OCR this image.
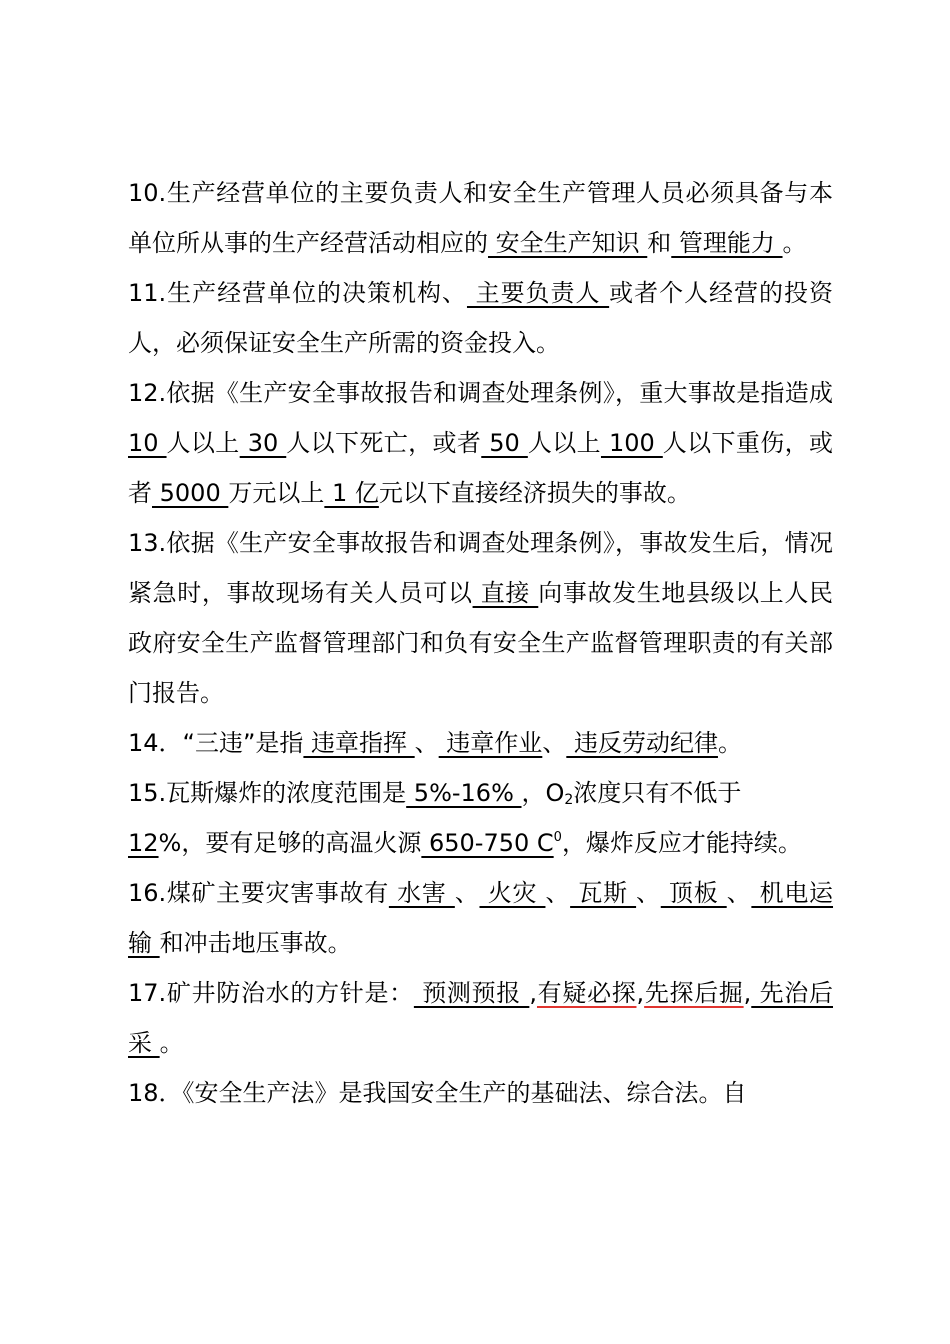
10.生产经营单位的主要负责人和安全生产管理人员必须具备与本单位所从事的生产经营活动相应的 安全生产知识 和 管理能力 。

11.生产经营单位的决策机构、 主要负责人 或者个人经营的投资人，必须保证安全生产所需的资金投入。

12.依据《生产安全事故报告和调查处理条例》，重大事故是指造成 10 人以上 30 人以下死亡，或者 50 人以上 100 人以下重伤，或者 5000 万元以上 1 亿元以下直接经济损失的事故。

13.依据《生产安全事故报告和调查处理条例》，事故发生后，情况紧急时，事故现场有关人员可以 直接 向事故发生地县级以上人民政府安全生产监督管理部门和负有安全生产监督管理职责的有关部门报告。

14．“三违”是指 违章指挥 、 违章作业、 违反劳动纪律。

15.瓦斯爆炸的浓度范围是 5%-16% ，$O_2$浓度只有不低于
12%，要有足够的高温火源 650-750 $C^0$，爆炸反应才能持续。

16.煤矿主要灾害事故有 水害 、 火灾 、 瓦斯 、 顶板 、 机电运输 和冲击地压事故。

17.矿井防治水的方针是： 预测预报 ,有疑必探,先探后掘, 先治后采 。

18．《安全生产法》是我国安全生产的基础法、综合法。自
